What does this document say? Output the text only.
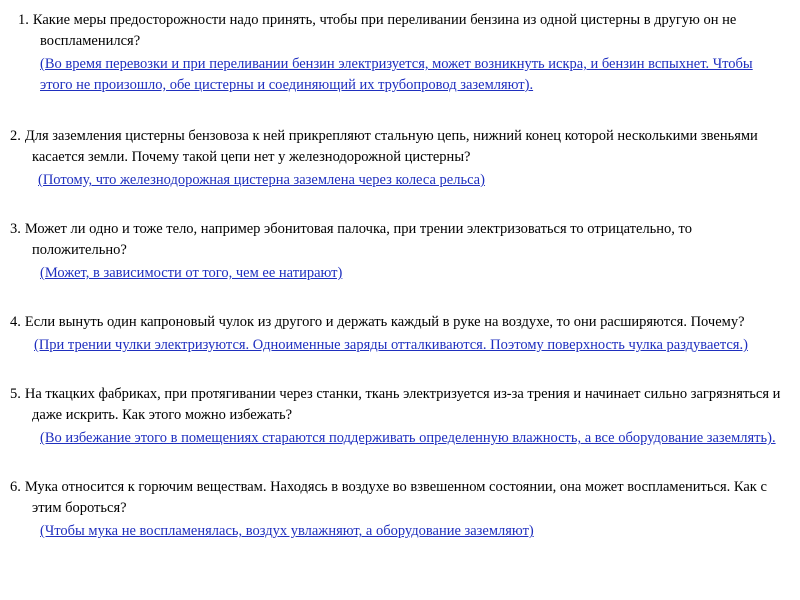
1. Какие меры предосторожности надо принять, чтобы при переливании бензина из одной цистерны в другую он не воспламенился?
(Во время перевозки и при переливании бензин электризуется, может возникнуть искра, и бензин вспыхнет. Чтобы этого не произошло, обе цистерны и соединяющий их трубопровод заземляют).
2. Для заземления цистерны бензовоза к ней прикрепляют стальную цепь, нижний конец которой несколькими звеньями касается земли. Почему такой цепи нет у железнодорожной цистерны?
(Потому, что железнодорожная цистерна заземлена через колеса рельса)
3. Может ли одно и тоже тело, например эбонитовая палочка, при трении электризоваться то отрицательно, то положительно?
(Может, в зависимости от того, чем ее натирают)
4. Если вынуть один капроновый чулок из другого и держать каждый в руке на воздухе, то они расширяются. Почему?
(При трении чулки электризуются. Одноименные заряды отталкиваются. Поэтому поверхность чулка раздувается.)
5. На ткацких фабриках, при протягивании через станки, ткань электризуется из-за трения и начинает сильно загрязняться и даже искрить. Как этого можно избежать?
(Во избежание этого в помещениях стараются поддерживать определенную влажность, а все оборудование заземлять).
6. Мука относится к горючим веществам. Находясь в воздухе во взвешенном состоянии, она может воспламениться. Как с этим бороться?
(Чтобы мука не воспламенялась, воздух увлажняют, а оборудование заземляют)
